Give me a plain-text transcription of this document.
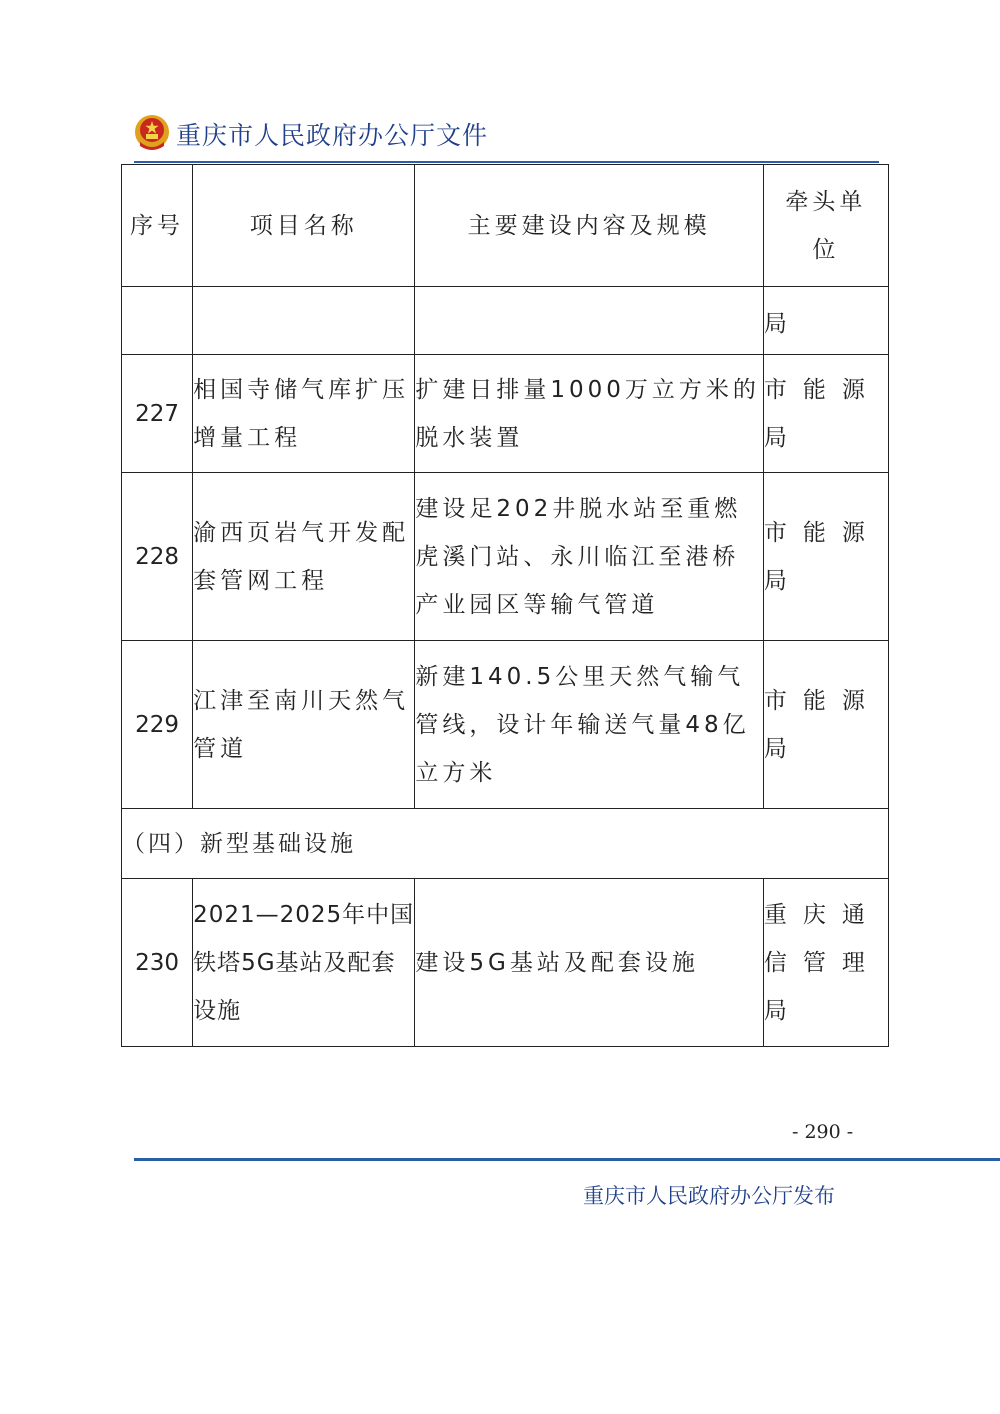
重庆市人民政府办公厅文件
序号	项目名称	主要建设内容及规模	牵头单位
			局
227	相国寺储气库扩压增量工程	扩建日排量1000万立方米的脱水装置	市能源局
228	渝西页岩气开发配套管网工程	建设足202井脱水站至重燃虎溪门站、永川临江至港桥产业园区等输气管道	市能源局
229	江津至南川天然气管道	新建140.5公里天然气输气管线，设计年输送气量48亿立方米	市能源局
（四）新型基础设施			
230	2021—2025年中国铁塔5G基站及配套设施	建设5G基站及配套设施	重庆通信管理局
- 290 -
重庆市人民政府办公厅发布
